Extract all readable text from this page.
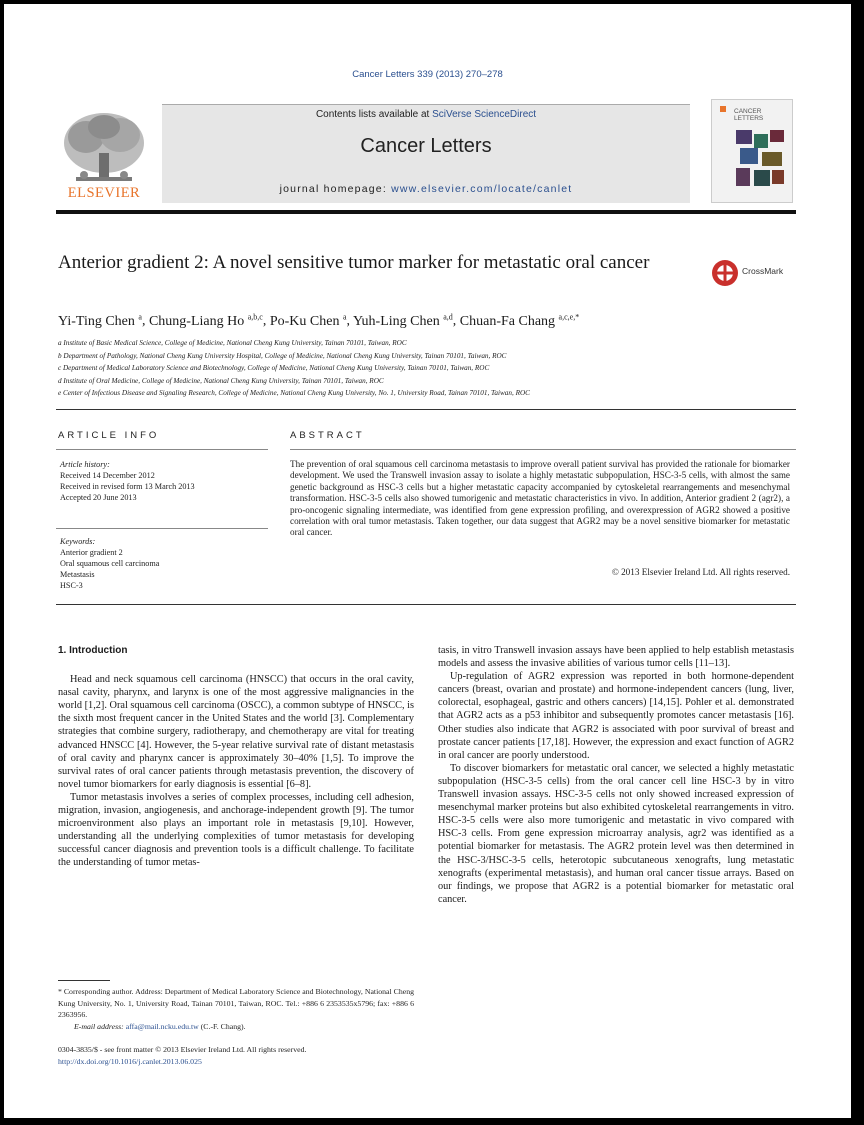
Cancer Letters 339 (2013) 270–278
ELSEVIER
Contents lists available at SciVerse ScienceDirect
Cancer Letters
journal homepage: www.elsevier.com/locate/canlet
CANCER
LETTERS
Anterior gradient 2: A novel sensitive tumor marker for metastatic oral cancer	CrossMark
Yi-Ting Chen $^a$, Chung-Liang Ho $^{a,b,c}$, Po-Ku Chen $^a$, Yuh-Ling Chen $^{a,d}$, Chuan-Fa Chang $^{a,c,e,*}$
a Institute of Basic Medical Science, College of Medicine, National Cheng Kung University, Tainan 70101, Taiwan, ROC
b Department of Pathology, National Cheng Kung University Hospital, College of Medicine, National Cheng Kung University, Tainan 70101, Taiwan, ROC
c Department of Medical Laboratory Science and Biotechnology, College of Medicine, National Cheng Kung University, Tainan 70101, Taiwan, ROC
d Institute of Oral Medicine, College of Medicine, National Cheng Kung University, Tainan 70101, Taiwan, ROC
e Center of Infectious Disease and Signaling Research, College of Medicine, National Cheng Kung University, No. 1, University Road, Tainan 70101, Taiwan, ROC
ARTICLE INFO
Article history:
Received 14 December 2012
Received in revised form 13 March 2013
Accepted 20 June 2013
Keywords:
Anterior gradient 2
Oral squamous cell carcinoma
Metastasis
HSC-3
ABSTRACT
The prevention of oral squamous cell carcinoma metastasis to improve overall patient survival has provided the rationale for biomarker development. We used the Transwell invasion assay to isolate a highly metastatic subpopulation, HSC-3-5 cells, with almost the same genetic background as HSC-3 cells but a higher metastatic capacity accompanied by cytoskeletal rearrangements and mesenchymal transformation. HSC-3-5 cells also showed tumorigenic and metastatic characteristics in vivo. In addition, Anterior gradient 2 (agr2), a pro-oncogenic signaling intermediate, was identified from gene expression profiling, and overexpression of AGR2 showed a positive correlation with oral tumor metastasis. Taken together, our data suggest that AGR2 may be a novel sensitive biomarker for metastatic oral cancer.
© 2013 Elsevier Ireland Ltd. All rights reserved.

1. Introduction

Head and neck squamous cell carcinoma (HNSCC) that occurs in the oral cavity, nasal cavity, pharynx, and larynx is one of the most aggressive malignancies in the world [1,2]. Oral squamous cell carcinoma (OSCC), a common subtype of HNSCC, is the sixth most frequent cancer in the United States and the world [3]. Complementary strategies that combine surgery, radiotherapy, and chemotherapy are vital for treating advanced HNSCC [4]. However, the 5-year relative survival rate of distant metastasis of oral cavity and pharynx cancer is approximately 30–40% [1,5]. To improve the survival rates of oral cancer patients through metastasis prevention, the discovery of novel tumor biomarkers for early diagnosis is essential [6–8].

Tumor metastasis involves a series of complex processes, including cell adhesion, migration, invasion, angiogenesis, and anchorage-independent growth [9]. The tumor microenvironment also plays an important role in metastasis [9,10]. However, understanding all the underlying complexities of tumor metastasis for developing successful cancer diagnosis and prevention tools is a difficult challenge. To facilitate the understanding of tumor metas-

tasis, in vitro Transwell invasion assays have been applied to help establish metastasis models and assess the invasive abilities of various tumor cells [11–13].

Up-regulation of AGR2 expression was reported in both hormone-dependent cancers (breast, ovarian and prostate) and hormone-independent cancers (lung, liver, colorectal, esophageal, gastric and others cancers) [14,15]. Pohler et al. demonstrated that AGR2 acts as a p53 inhibitor and subsequently promotes cancer metastasis [16]. Other studies also indicate that AGR2 is associated with poor survival of breast and prostate cancer patients [17,18]. However, the expression and exact function of AGR2 in oral cancer are poorly understood.

To discover biomarkers for metastatic oral cancer, we selected a highly metastatic subpopulation (HSC-3-5 cells) from the oral cancer cell line HSC-3 by in vitro Transwell invasion assays. HSC-3-5 cells not only showed increased expression of mesenchymal marker proteins but also exhibited cytoskeletal rearrangements in vitro. HSC-3-5 cells were also more tumorigenic and metastatic in vivo compared with HSC-3 cells. From gene expression microarray analysis, agr2 was identified as a potential biomarker for metastasis. The AGR2 protein level was then determined in the HSC-3/HSC-3-5 cells, heterotopic subcutaneous xenografts, lung metastatic xenografts (experimental metastasis), and human oral cancer tissue arrays. Based on our findings, we propose that AGR2 is a potential biomarker for metastatic oral cancer.

* Corresponding author. Address: Department of Medical Laboratory Science and Biotechnology, National Cheng Kung University, No. 1, University Road, Tainan 70101, Taiwan, ROC. Tel.: +886 6 2353535x5796; fax: +886 6 2363956.
E-mail address: affa@mail.ncku.edu.tw (C.-F. Chang).
0304-3835/$ - see front matter © 2013 Elsevier Ireland Ltd. All rights reserved.
http://dx.doi.org/10.1016/j.canlet.2013.06.025
